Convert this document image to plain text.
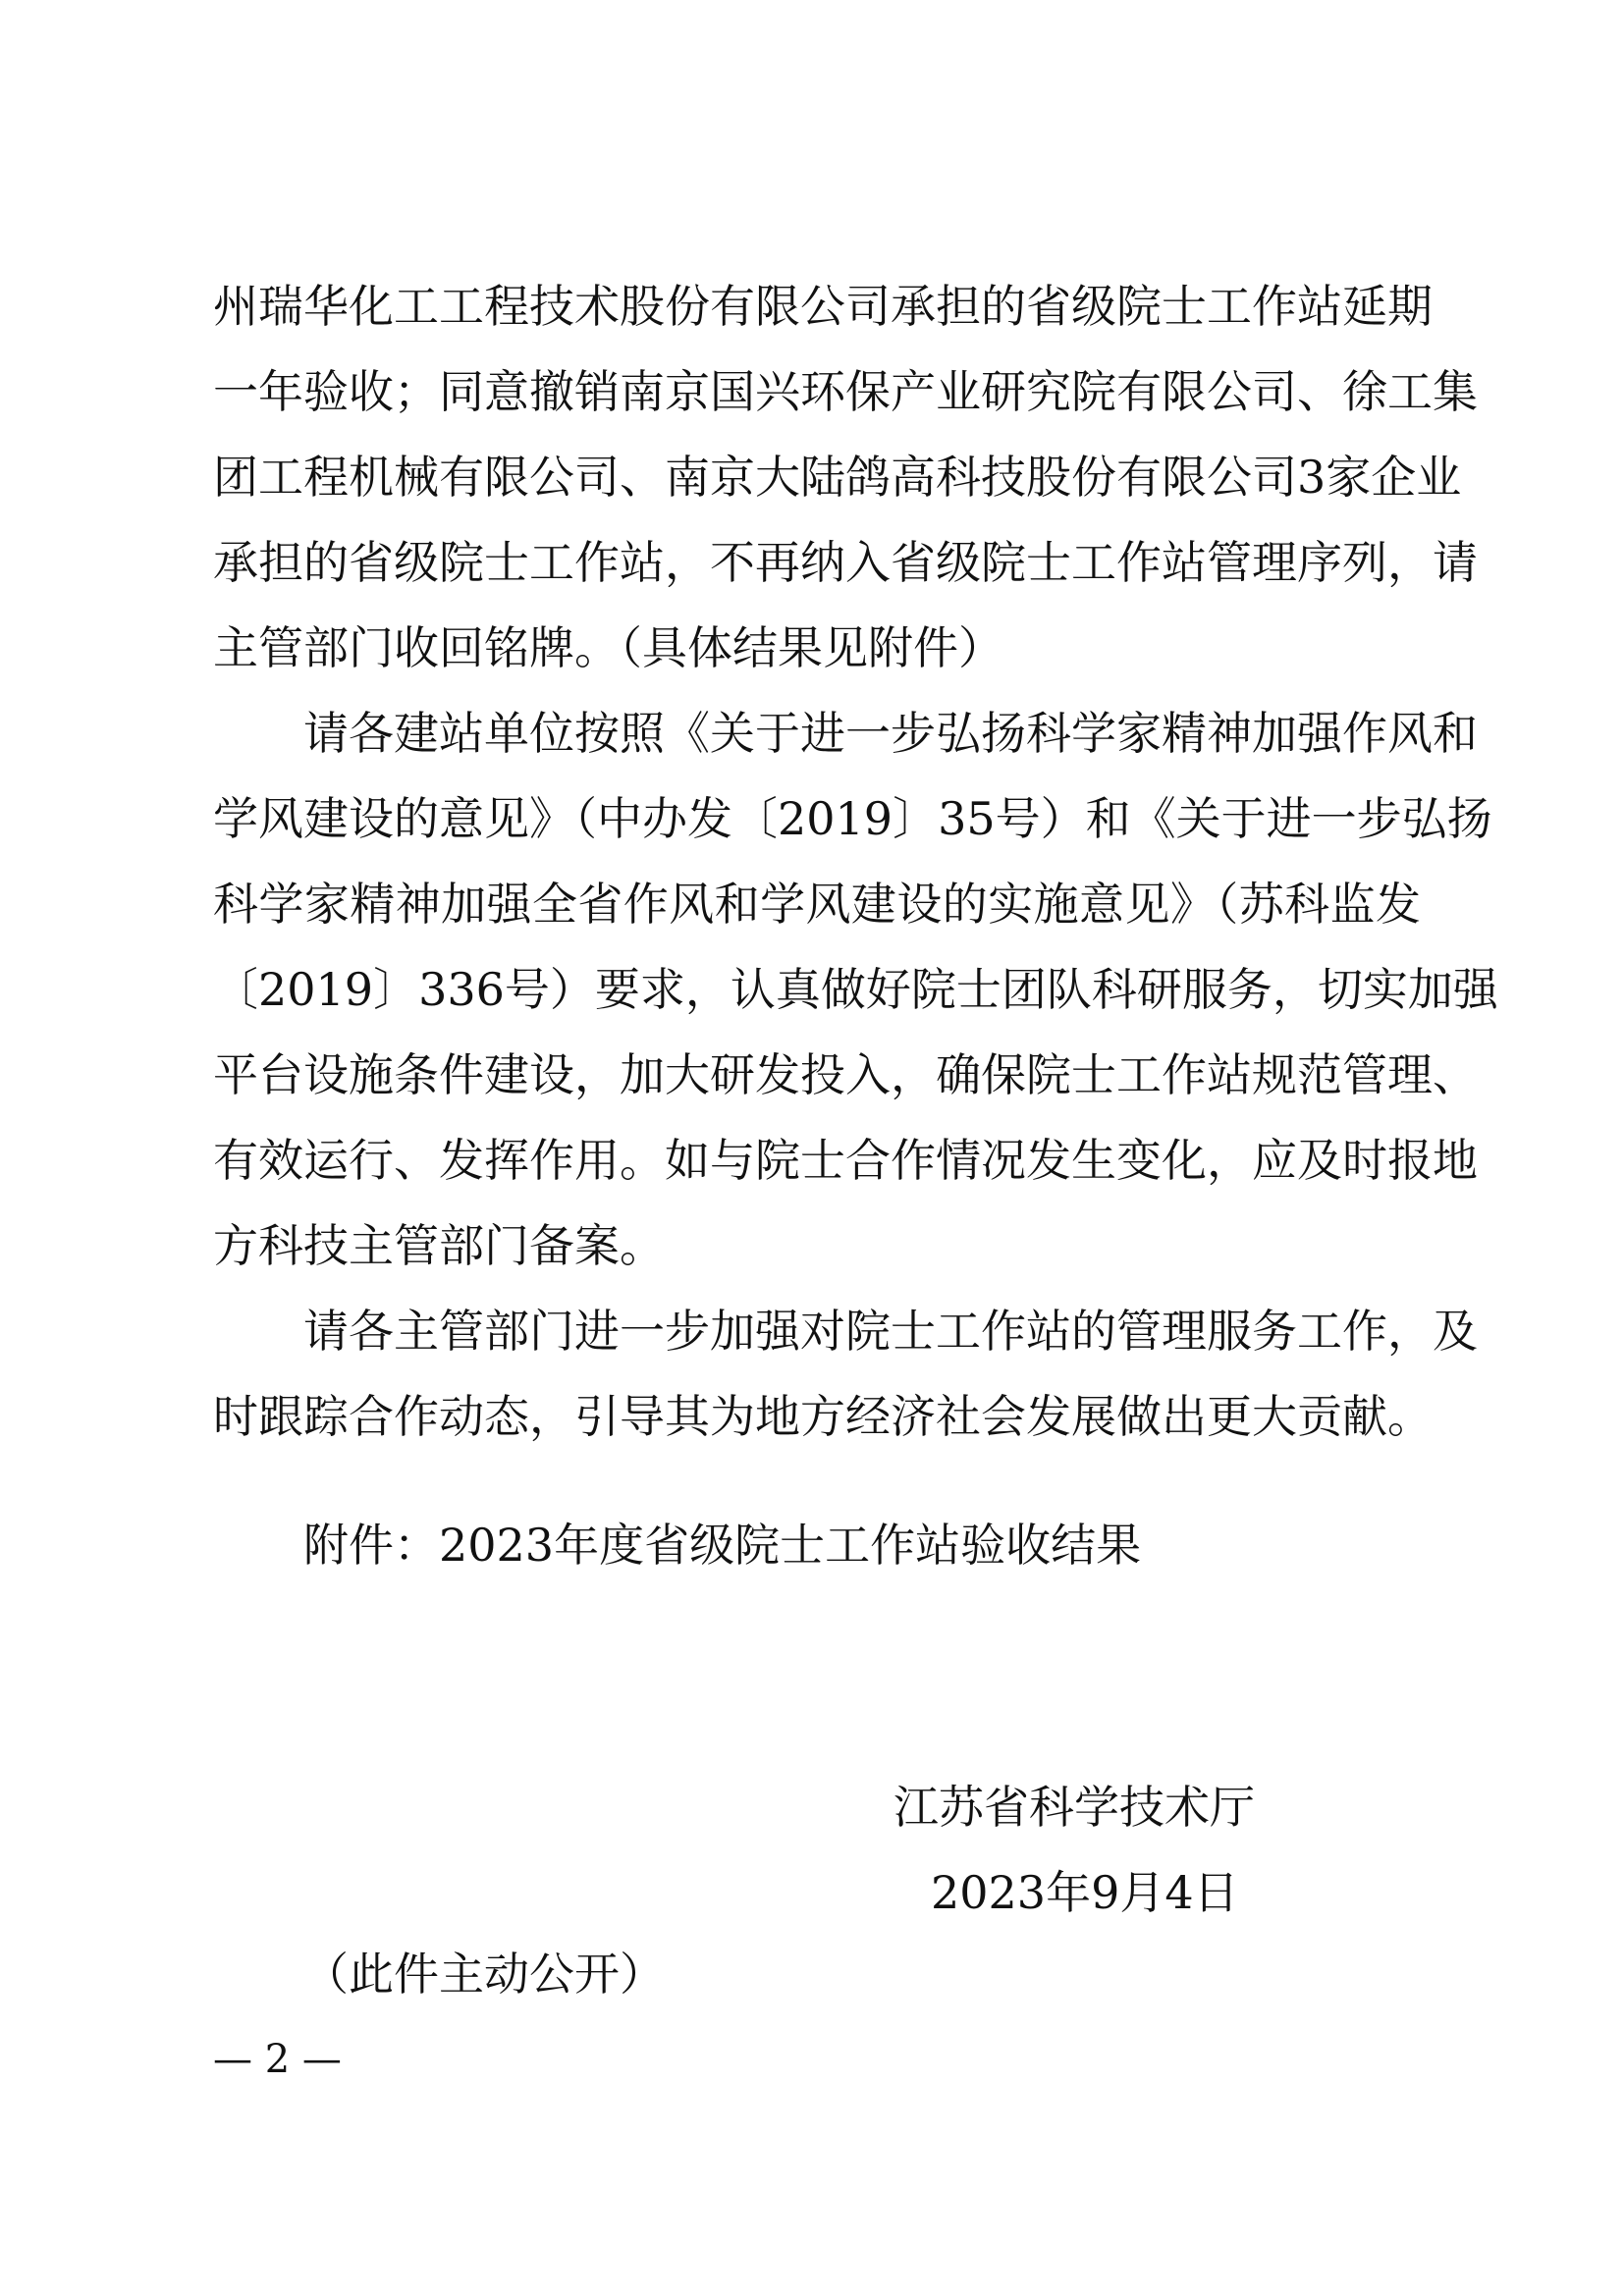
州瑞华化工工程技术股份有限公司承担的省级院士工作站延期
一年验收；同意撤销南京国兴环保产业研究院有限公司、徐工集
团工程机械有限公司、南京大陆鸽高科技股份有限公司3家企业
承担的省级院士工作站，不再纳入省级院士工作站管理序列，请
主管部门收回铭牌。（具体结果见附件）
请各建站单位按照《关于进一步弘扬科学家精神加强作风和
学风建设的意见》（中办发〔2019〕35号）和《关于进一步弘扬
科学家精神加强全省作风和学风建设的实施意见》（苏科监发
〔2019〕336号）要求，认真做好院士团队科研服务，切实加强
平台设施条件建设，加大研发投入，确保院士工作站规范管理、
有效运行、发挥作用。如与院士合作情况发生变化，应及时报地
方科技主管部门备案。
请各主管部门进一步加强对院士工作站的管理服务工作，及
时跟踪合作动态，引导其为地方经济社会发展做出更大贡献。
附件：2023年度省级院士工作站验收结果
江苏省科学技术厅
2023年9月4日
（此件主动公开）
— 2 —
